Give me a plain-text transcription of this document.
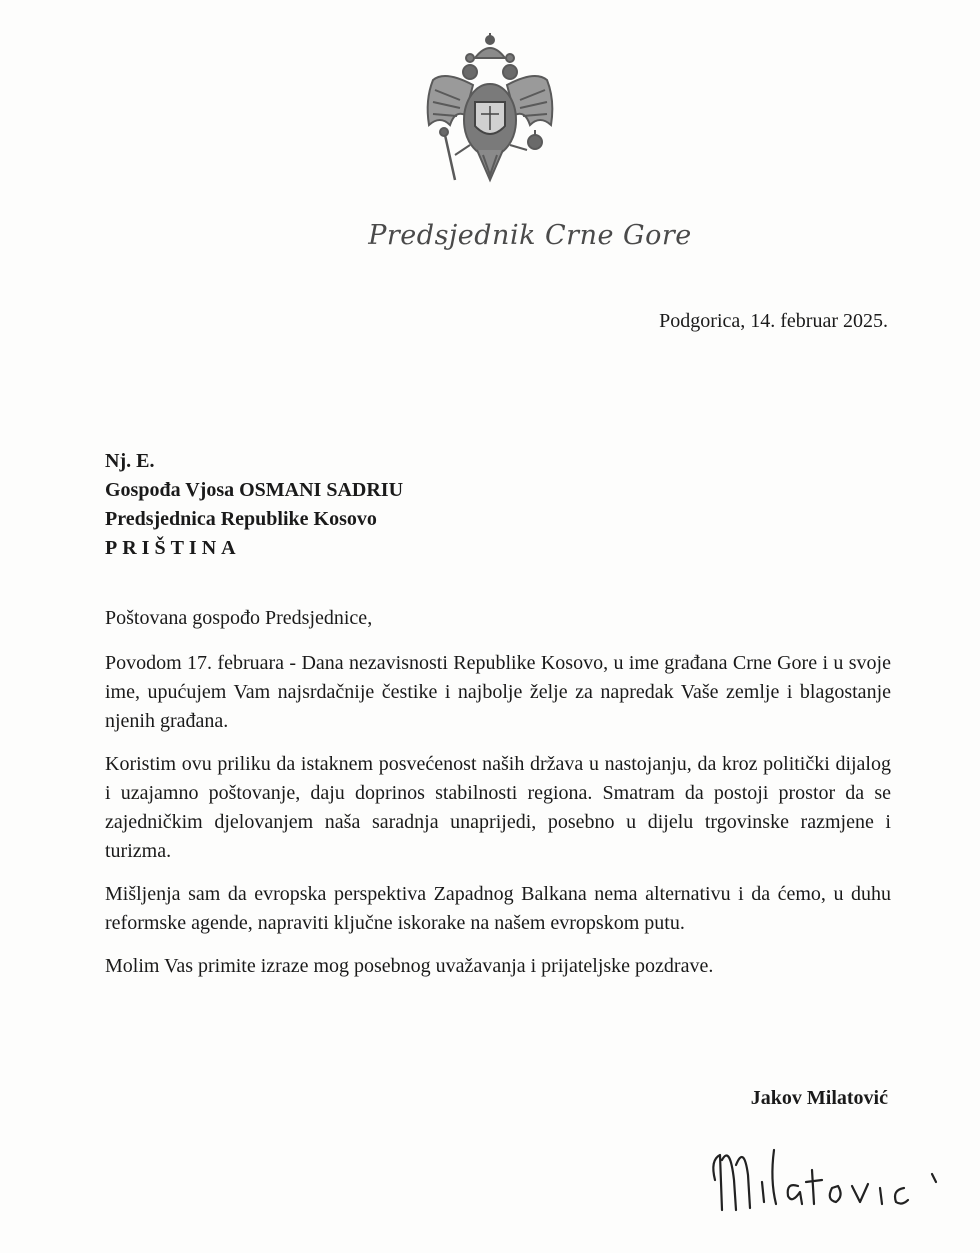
Predsjednik Crne Gore
Podgorica, 14. februar 2025.
Nj. E.
Gospođa Vjosa OSMANI SADRIU
Predsjednica Republike Kosovo
PRIŠTINA

Poštovana gospođo Predsjednice,

Povodom 17. februara - Dana nezavisnosti Republike Kosovo, u ime građana Crne Gore i u svoje ime, upućujem Vam najsrdačnije čestike i najbolje želje za napredak Vaše zemlje i blagostanje njenih građana.

Koristim ovu priliku da istaknem posvećenost naših država u nastojanju, da kroz politički dijalog i uzajamno poštovanje, daju doprinos stabilnosti regiona. Smatram da postoji prostor da se zajedničkim djelovanjem naša saradnja unaprijedi, posebno u dijelu trgovinske razmjene i turizma.

Mišljenja sam da evropska perspektiva Zapadnog Balkana nema alternativu i da ćemo, u duhu reformske agende, napraviti ključne iskorake na našem evropskom putu.

Molim Vas primite izraze mog posebnog uvažavanja i prijateljske pozdrave.

Jakov Milatović
